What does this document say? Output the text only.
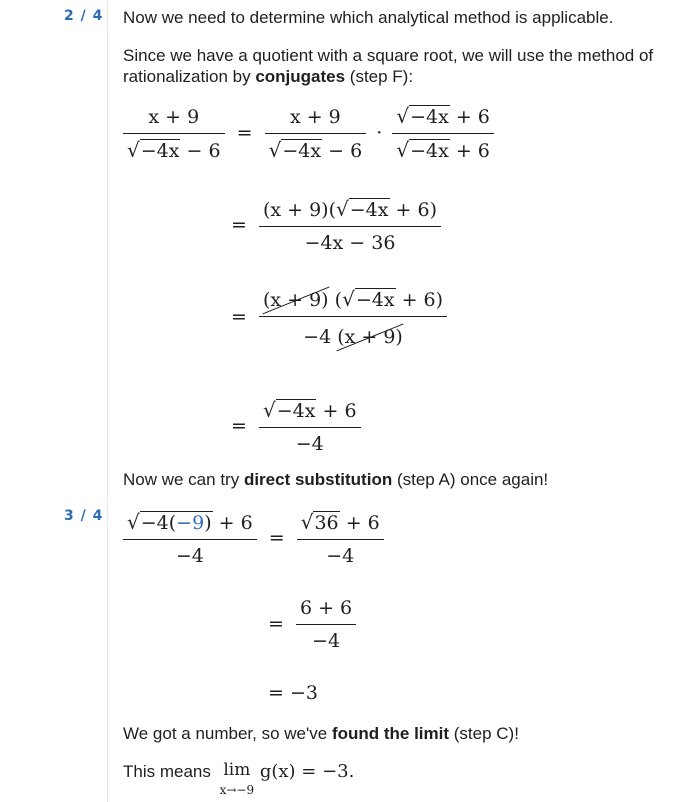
2 / 4
3 / 4

Now we need to determine which analytical method is applicable.

Since we have a quotient with a square root, we will use the method of rationalization by conjugates (step F):

$\frac{x + 9}{√-4x - 6} = \frac{x + 9}{√-4x - 6} \cdot \frac{√-4x + 6}{√-4x + 6}$
= $\frac{(x + 9)(√-4x + 6)}{-4x - 36}$
= (x + 9)
(√−4x + 6)
−4 (x + 9)
= $\frac{√-4x + 6}{-4}$

Now we can try direct substitution (step A) once again!

$\frac{√-4(-9) + 6}{-4} = \frac{√36 + 6}{-4}$
= $\frac{6 + 6}{-4}$
= −3

We got a number, so we've found the limit (step C)!

This means lim
x→−9
g(x) = −3.
